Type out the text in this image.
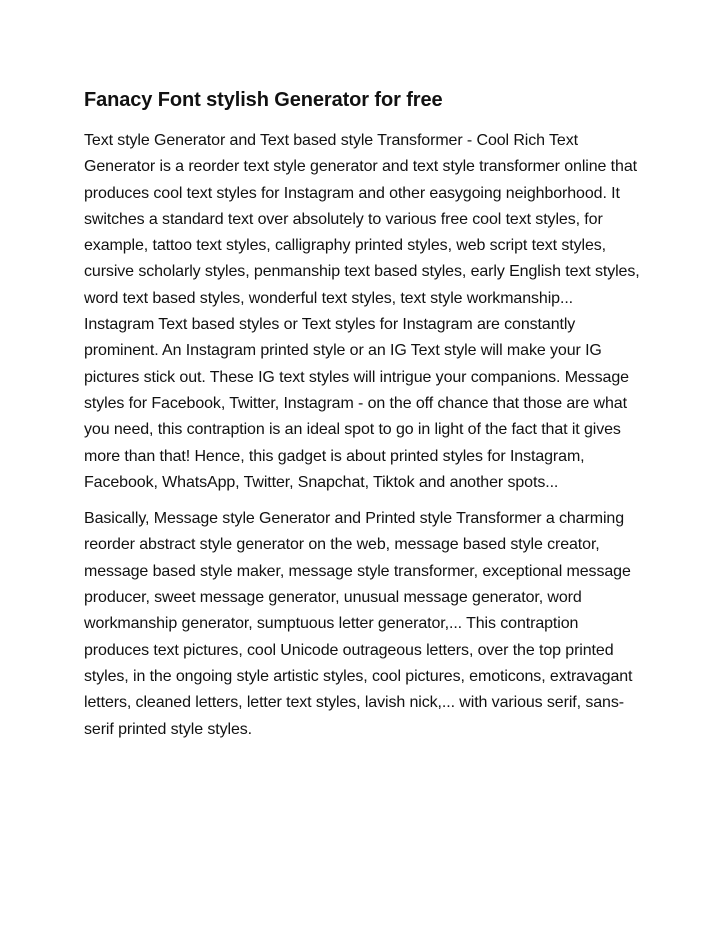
Fanacy Font stylish Generator for free

Text style Generator and Text based style Transformer - Cool Rich Text Generator is a reorder text style generator and text style transformer online that produces cool text styles for Instagram and other easygoing neighborhood. It switches a standard text over absolutely to various free cool text styles, for example, tattoo text styles, calligraphy printed styles, web script text styles, cursive scholarly styles, penmanship text based styles, early English text styles, word text based styles, wonderful text styles, text style workmanship... Instagram Text based styles or Text styles for Instagram are constantly prominent. An Instagram printed style or an IG Text style will make your IG pictures stick out. These IG text styles will intrigue your companions. Message styles for Facebook, Twitter, Instagram - on the off chance that those are what you need, this contraption is an ideal spot to go in light of the fact that it gives more than that! Hence, this gadget is about printed styles for Instagram, Facebook, WhatsApp, Twitter, Snapchat, Tiktok and another spots...

Basically, Message style Generator and Printed style Transformer a charming reorder abstract style generator on the web, message based style creator, message based style maker, message style transformer, exceptional message producer, sweet message generator, unusual message generator, word workmanship generator, sumptuous letter generator,... This contraption produces text pictures, cool Unicode outrageous letters, over the top printed styles, in the ongoing style artistic styles, cool pictures, emoticons, extravagant letters, cleaned letters, letter text styles, lavish nick,... with various serif, sans-serif printed style styles.
